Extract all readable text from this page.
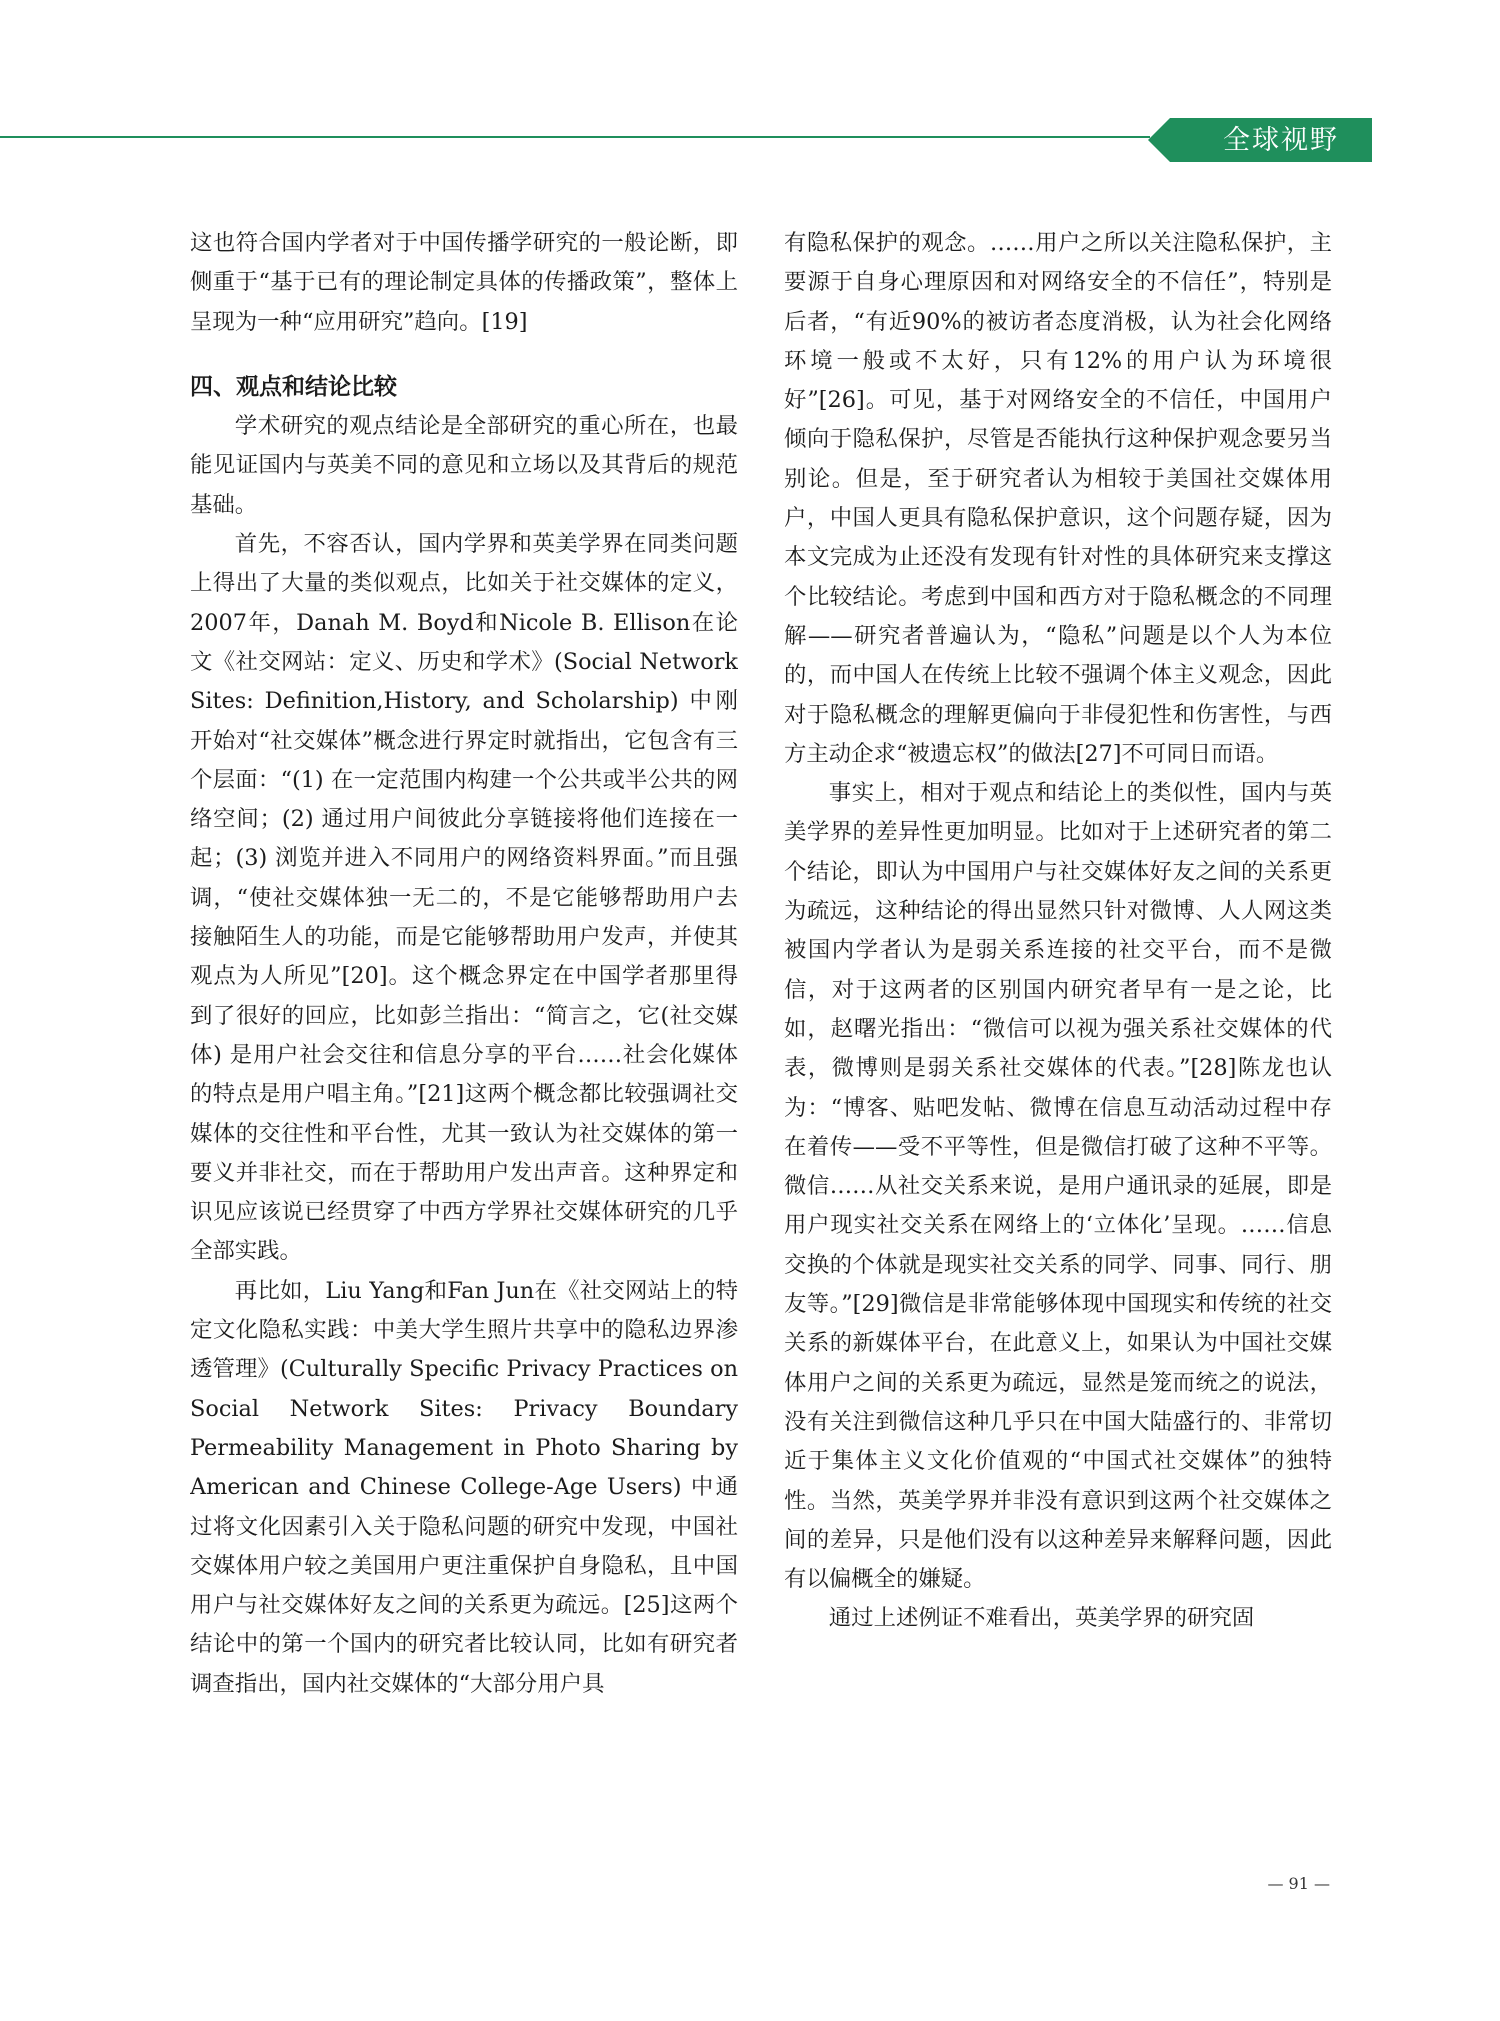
全球视野

这也符合国内学者对于中国传播学研究的一般论断，即侧重于“基于已有的理论制定具体的传播政策”，整体上呈现为一种“应用研究”趋向。[19]

四、观点和结论比较

学术研究的观点结论是全部研究的重心所在，也最能见证国内与英美不同的意见和立场以及其背后的规范基础。

首先，不容否认，国内学界和英美学界在同类问题上得出了大量的类似观点，比如关于社交媒体的定义，2007年，Danah M. Boyd和Nicole B. Ellison在论文《社交网站：定义、历史和学术》(Social Network Sites: Definition,History, and Scholarship) 中刚开始对“社交媒体”概念进行界定时就指出，它包含有三个层面：“(1) 在一定范围内构建一个公共或半公共的网络空间；(2) 通过用户间彼此分享链接将他们连接在一起；(3) 浏览并进入不同用户的网络资料界面。”而且强调，“使社交媒体独一无二的，不是它能够帮助用户去接触陌生人的功能，而是它能够帮助用户发声，并使其观点为人所见”[20]。这个概念界定在中国学者那里得到了很好的回应，比如彭兰指出：“简言之，它(社交媒体) 是用户社会交往和信息分享的平台……社会化媒体的特点是用户唱主角。”[21]这两个概念都比较强调社交媒体的交往性和平台性，尤其一致认为社交媒体的第一要义并非社交，而在于帮助用户发出声音。这种界定和识见应该说已经贯穿了中西方学界社交媒体研究的几乎全部实践。

再比如，Liu Yang和Fan Jun在《社交网站上的特定文化隐私实践：中美大学生照片共享中的隐私边界渗透管理》(Culturally Specific Privacy Practices on Social Network Sites: Privacy Boundary Permeability Management in Photo Sharing by American and Chinese College-Age Users) 中通过将文化因素引入关于隐私问题的研究中发现，中国社交媒体用户较之美国用户更注重保护自身隐私，且中国用户与社交媒体好友之间的关系更为疏远。[25]这两个结论中的第一个国内的研究者比较认同，比如有研究者调查指出，国内社交媒体的“大部分用户具

有隐私保护的观念。……用户之所以关注隐私保护，主要源于自身心理原因和对网络安全的不信任”，特别是后者，“有近90%的被访者态度消极，认为社会化网络环境一般或不太好，只有12%的用户认为环境很好”[26]。可见，基于对网络安全的不信任，中国用户倾向于隐私保护，尽管是否能执行这种保护观念要另当别论。但是，至于研究者认为相较于美国社交媒体用户，中国人更具有隐私保护意识，这个问题存疑，因为本文完成为止还没有发现有针对性的具体研究来支撑这个比较结论。考虑到中国和西方对于隐私概念的不同理解——研究者普遍认为，“隐私”问题是以个人为本位的，而中国人在传统上比较不强调个体主义观念，因此对于隐私概念的理解更偏向于非侵犯性和伤害性，与西方主动企求“被遗忘权”的做法[27]不可同日而语。

事实上，相对于观点和结论上的类似性，国内与英美学界的差异性更加明显。比如对于上述研究者的第二个结论，即认为中国用户与社交媒体好友之间的关系更为疏远，这种结论的得出显然只针对微博、人人网这类被国内学者认为是弱关系连接的社交平台，而不是微信，对于这两者的区别国内研究者早有一是之论，比如，赵曙光指出：“微信可以视为强关系社交媒体的代表，微博则是弱关系社交媒体的代表。”[28]陈龙也认为：“博客、贴吧发帖、微博在信息互动活动过程中存在着传——受不平等性，但是微信打破了这种不平等。微信……从社交关系来说，是用户通讯录的延展，即是用户现实社交关系在网络上的‘立体化’呈现。……信息交换的个体就是现实社交关系的同学、同事、同行、朋友等。”[29]微信是非常能够体现中国现实和传统的社交关系的新媒体平台，在此意义上，如果认为中国社交媒体用户之间的关系更为疏远，显然是笼而统之的说法，没有关注到微信这种几乎只在中国大陆盛行的、非常切近于集体主义文化价值观的“中国式社交媒体”的独特性。当然，英美学界并非没有意识到这两个社交媒体之间的差异，只是他们没有以这种差异来解释问题，因此有以偏概全的嫌疑。

通过上述例证不难看出，英美学界的研究固

— 91 —
